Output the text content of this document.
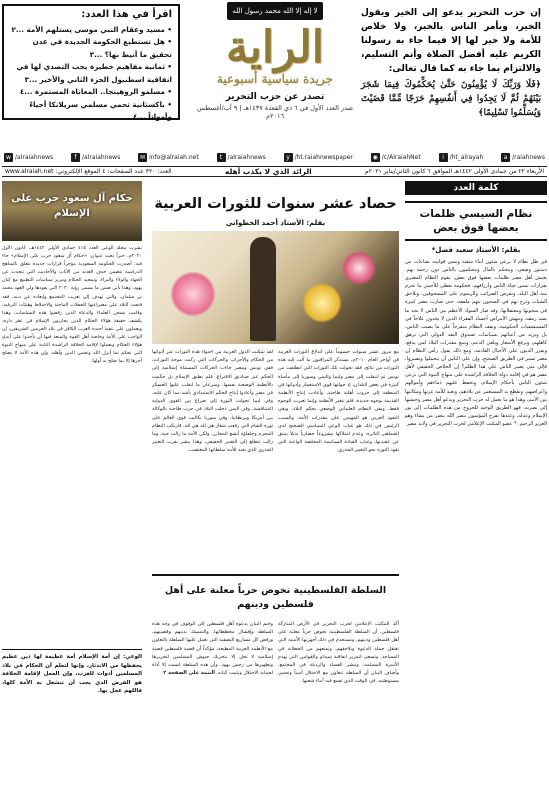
إن حزب التحرير يدعو إلى الخير ويقول الخير، ويأمر الناس بالخير، ولا خلاص للأمة ولا خير لها إلا فيما جاء به رسولنا الكريم عليه أفضل الصلاة وأتم التسليم، والالتزام بما جاء به كما قال تعالى:
﴿فَلَا وَرَبِّكَ لَا يُؤْمِنُونَ حَتَّىٰ يُحَكِّمُوكَ فِيمَا شَجَرَ بَيْنَهُمْ ثُمَّ لَا يَجِدُوا فِي أَنفُسِهِمْ حَرَجًا مِّمَّا قَضَيْتَ وَيُسَلِّمُوا تَسْلِيمًا﴾
لا إله إلا الله محمد رسول الله
الراية
جريدة سياسية أسبوعية
تصدر عن حزب التحرير
صدر العدد الأول في ٦ ذي القعدة ١٤٣٧هـ | ٩ آب/أغسطس ٢٠١٦م
اقرأ في هذا العدد:
• مسيد وعقام النبي موسى يستلهم الأمة ...٢
• هل تستطيع الحكومة الجديدة في عدن تحقيق ما أنيط بها؟ ...٣
• ثمانية مفاهيم خطيرة يجب التصدي لها في اتفاقية اسطنبول الجزء الثاني والأخير ...٣
• مسلمو الروهينجا.. المعاناة المستمرة ...٤
• باكستانية تحمي مسلمي سريلانكا أحياءً وأمواتاً ...٤
w /alraiahnews	f /alraiahnews	✉ info@alraiah.net	t /alraiahnews	y /ht.raiahnewspaper	◉ /c/AlraiahNet	i /ht_alrayah	a /raiahnews
الأربعاء ٢٢ من جمادى الأولى ١٤٤٢هـ الموافق ٦ كانون الثاني/يناير ٢٠٢١م
الرائد الذي لا يكذب أهله
العدد: ٣٢٠ عدد الصفحات: ٤ الموقع الإلكتروني: www.alraiah.net
كلمة العدد
نظام السيسي ظلمات بعضها فوق بعض
بقلم: الأستاذ سعيد فضل*
في ظل نظام لا يرعى شئون أبناء شعبه ويسن قوانينه بقناعات من دستور وضعي، ويتحكم بالمال ويتحكمون بالناس دون رحمة بهم، يعيش أهل مصر ظلمات بعضها فوق بعض، يقوم النظام المصري بقرارات تمس حياة الناس وأرزاقهم، فحكومة تعطي للأجنبي ما تحرم منه أهل البلد، وتفرض الضرائب والرسوم على المسحوقين، وتلاحق الشباب وتزج بهم في السجون بتهم ملفقة، حتى صارت مصر كبيرة في سجونها ومعتقلاتها، وقد صار السواد الأعظم من الناس لا يجد ما يسد رمقه، وتنهش الأمراض أجساد الفقراء الذين لا يجدون علاجاً في المستشفيات الحكومية، ويقف النظام متفرجاً على ما يصيب الناس، بل ويزيد من أعبائهم بسياسات صندوق النقد الدولي التي ترهق كاهلهم، ويرفع الأسعار ويلغي الدعم، ويبيع مقدرات البلاد لمن يدفع، ويقرر الديون على الأجيال القادمة، ومع ذلك يقول رأس النظام إن مصر تسير في الطريق الصحيح، وإن على الناس أن يتحملوا ويصبروا، فإلى متى يصبر الناس على هذا الظلم؟ إن الخلاص الحقيقي لأهل مصر هو في إقامة دولة الخلافة الراشدة على منهاج النبوة التي ترعى شئون الناس بأحكام الإسلام، وتحفظ عليهم دماءهم وأموالهم وأعراضهم، وتقطع يد المستعمر عن بلادهم، وتعيد للأمة عزتها ومكانتها بين الأمم، وهذا هو ما يعمل له حزب التحرير ويدعو أهل مصر وجيشها إلى نصرته، فهو الطريق الوحيد للخروج من هذه الظلمات إلى نور الإسلام وعدله، وعندها يفرح المؤمنون بنصر الله ينصر من يشاء وهو العزيز الرحيم. * عضو المكتب الإعلامي لحزب التحرير في ولاية مصر
حصاد عشر سنوات للثورات العربية
بقلم: الأستاذ أحمد الخطواني
مع مرور عشر سنوات حسوماً على اندلاع الثورات العربية في أواخر العام ٢٠١٠م، يستذكر المراقبون ما آلت إليه هذه الثورات من نتائج، فقد تحولت تلك الثورات التي انطلقت من تونس ثم انتقلت إلى مصر وليبيا واليمن وسوريا إلى مأساة كبيرة في بعض البلدان، إذ حولتها قوى الاستعمار وأدواتها في المنطقة إلى حروب أهلية طاحنة، وأعادت إنتاج الأنظمة القديمة بوجوه جديدة، فلم تتغير الأنظمة وإنما تغيرت الوجوه فقط، وبقي النظام العلماني الوضعي يحكم البلاد، وبقي النفوذ الغربي هو المهيمن على مقدرات الأمة، والسبب الرئيس في ذلك هو غياب الوعي السياسي الصحيح لدى الجماهير الثائرة، وعدم امتلاكها مشروعاً حضارياً بديلاً ينبثق عن عقيدتها، وغياب القيادة السياسية المخلصة الواعية التي تقود الثورة نحو التغيير الجذري.
لقد تمكنت الدول الغربية من احتواء هذه الثورات عبر أدواتها من الحكام والأحزاب والحركات التي ركبت موجة الثورات، ففي تونس ومصر جاءت الحركات المسماة إسلامية إلى الحكم عبر صناديق الاقتراع، فلم تطبق الإسلام بل حكمت بالأنظمة الوضعية نفسها، وسرعان ما انقلب عليها العسكر في مصر وأعادوا إنتاج الحكم الاستبدادي بأشد مما كان عليه، وفي ليبيا تحولت الثورة إلى صراع بين القوى الدولية المتنافسة، وفي اليمن دخلت البلاد في حرب طاحنة بالوكالة بين أمريكا وبريطانيا، وفي سوريا تكالبت قوى العالم على ثورة الشام التي رفعت شعار هي لله هي لله، فارتكب النظام المجرم وحلفاؤه أبشع المجازر، ولكن الأمة ما زالت حية، وما زالت تتطلع إلى التغيير الحقيقي، وهذا يبشر بقرب التغيير الجذري الذي يعيد للأمة سلطانها المغتصب.
السلطة الفلسطينية تخوض حرباً معلنة على أهل فلسطين ودينهم
أكد المكتب الإعلامي لحزب التحرير في الأرض المباركة فلسطين، أن السلطة الفلسطينية تخوض حرباً معلنة على أهل فلسطين ودينهم، وتستخدم في ذلك أجهزتها الأمنية التي تعتقل حملة الدعوة وتلاحقهم، وتمنعهم من الخطابة في المساجد، وتسعى لتمرير اتفاقية سيداو والقوانين التي تهدم الأسرة المسلمة، وتنشر الفساد والرذيلة في المجتمع، وأضاف البيان أن السلطة تتعاون مع الاحتلال أمنياً وتحمي مستوطنيه، في الوقت الذي تقمع فيه أبناء شعبها.
وختم البيان بدعوة أهل فلسطين إلى الوقوف في وجه هذه السلطة وإفشال مخططاتها، والتمسك بدينهم وقضيتهم، ورفض كل مشاريع التصفية التي تعمل عليها السلطة بالتعاون مع الأنظمة العربية المطبعة، مؤكداً أن قضية فلسطين قضية إسلامية لا تحل إلا بتحريك جيوش المسلمين لتحريرها وتطهيرها من رجس يهود، وأن هذه السلطة ليست إلا أداة لحماية الاحتلال وتثبيت كيانه. التتمة على الصفحة ٢
حكام آل سعود حرب على الإسلام
نشرت مجلة الوعي العدد ٤١٥ جمادى الأولى ١٤٤٢هـ، كانون الأول ٢٠٢٠م، خبراً تحت عنوان: «حكام آل سعود حرب على الإسلام» جاء فيه: أصدرت الحكومة السعودية مؤخراً قرارات جديدة تتعلق بالمناهج الدراسية تتضمن حذف العديد من الآيات والأحاديث التي تتحدث عن الجهاد والولاء والبراء، وتمجيد الحكام وتبرير سياسات التطبيع مع كيان يهود، وهذا يأتي ضمن ما يسمى رؤية ٢٠٣٠ التي يقودها ولي العهد محمد بن سلمان، والتي تهدف إلى تغريب المجتمع وإبعاده عن دينه، فقد فتحت البلاد على مصراعيها للحفلات الماجنة والاختلاط وهيئات الترفيه، وقامت بسجن العلماء والدعاة الذين رفضوا هذه السياسات، وهذا يكشف حقيقة هؤلاء الحكام الذين يحاربون الإسلام في عقر داره، ويعملون على تنفيذ أجندة الغرب الكافر في بلاد الحرمين الشريفين، إن الواجب على الأمة وخاصة أهل القوة والمنعة فيها أن يأخذوا على أيدي هؤلاء الحكام ويعملوا لإقامة الخلافة الراشدة الثانية على منهاج النبوة التي تحكم بما أنزل الله وتحمي الدين وأهله، وإن هذه الأمة لا يصلح آخرها إلا بما صلح به أولها.
الوعي: إن أمة الإسلام أمة عظيمة لها دين عظيم يحفظها من الاندثار، وإنها لتعلم أن الحكام في بلاد المسلمين أدوات للغرب، وإن العمل لإقامة الخلافة هو الفرض الذي يجب أن تنشغل به الأمة كلها، فاللهم عجل بها.
